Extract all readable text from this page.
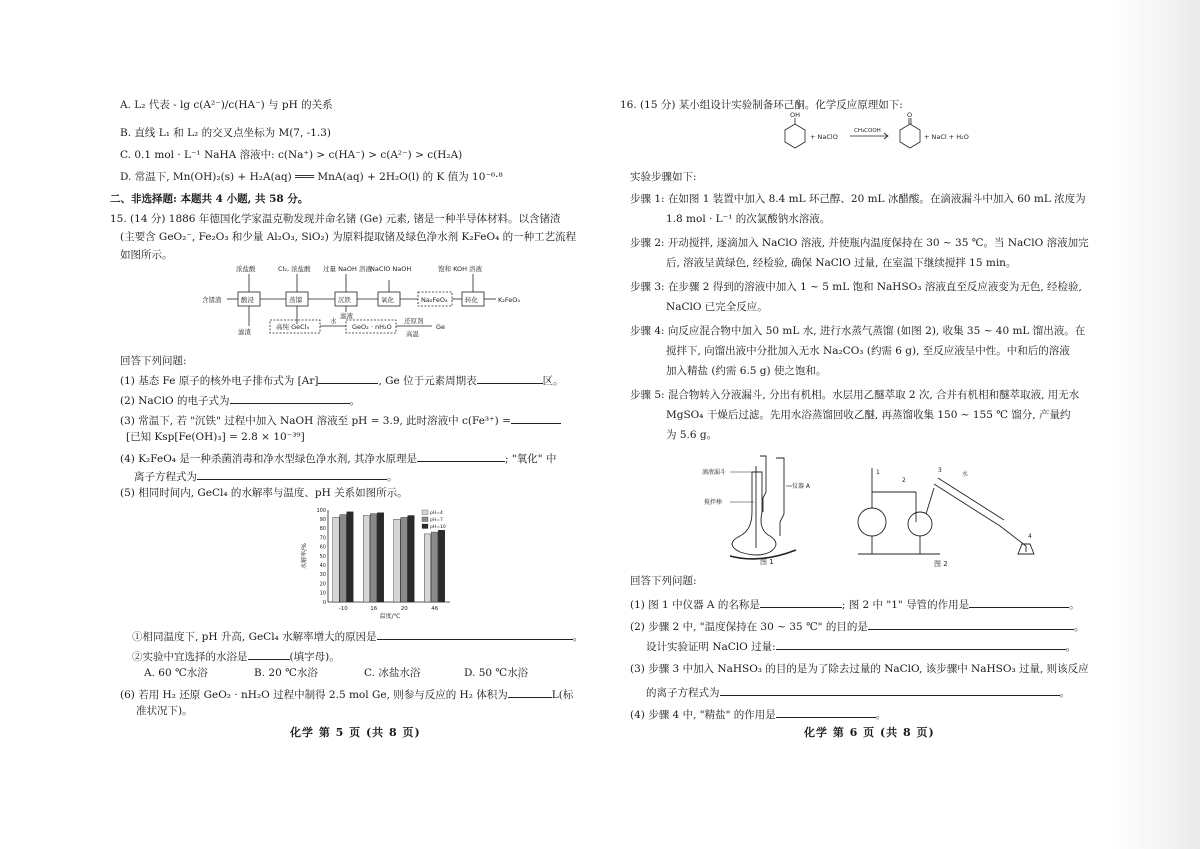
A. L₂ 代表 - lg c(A²⁻)/c(HA⁻) 与 pH 的关系
B. 直线 L₁ 和 L₂ 的交叉点坐标为 M(7, -1.3)
C. 0.1 mol · L⁻¹ NaHA 溶液中: c(Na⁺) > c(HA⁻) > c(A²⁻) > c(H₂A)
D. 常温下, Mn(OH)₂(s) + H₂A(aq) ═══ MnA(aq) + 2H₂O(l) 的 K 值为 10⁻⁶·⁸
二、非选择题: 本题共 4 小题, 共 58 分。
15. (14 分) 1886 年德国化学家温克勒发现并命名锗 (Ge) 元素, 锗是一种半导体材料。以含锗渣
(主要含 GeO₂⁻, Fe₂O₃ 和少量 Al₂O₃, SiO₂) 为原料提取锗及绿色净水剂 K₂FeO₄ 的一种工艺流程
如图所示。
浓盐酸	Cl₂, 浓盐酸 过量 NaOH 溶液
NaClO NaOH	饱和 KOH 溶液
含锗渣
滤渣
滤液
K₂FeO₄
高纯 GeCl₄
水
GeO₂ · nH₂O
还原剂
高温
Ge
酸浸	蒸馏	沉铁	氧化	Na₂FeO₄	转化
回答下列问题:
(1) 基态 Fe 原子的核外电子排布式为 [Ar]	, Ge 位于元素周期表	区。
(2) NaClO 的电子式为	。
(3) 常温下, 若 "沉铁" 过程中加入 NaOH 溶液至 pH = 3.9, 此时溶液中 c(Fe³⁺) =
[已知 Ksp[Fe(OH)₃] = 2.8 × 10⁻³⁹]
(4) K₂FeO₄ 是一种杀菌消毒和净水型绿色净水剂, 其净水原理是	; "氧化" 中
离子方程式为	。
(5) 相同时间内, GeCl₄ 的水解率与温度、pH 关系如图所示。
0
10
20
30
40
50
60
70
80
90
100
-10	16	20	46
pH=4
pH=7
pH=10
温度/℃
水解率/%
①相同温度下, pH 升高, GeCl₄ 水解率增大的原因是	。
②实验中宜选择的水浴是	(填字母)。
A. 60 ℃水浴	B. 20 ℃水浴	C. 冰盐水浴	D. 50 ℃水浴
(6) 若用 H₂ 还原 GeO₂ · nH₂O 过程中制得 2.5 mol Ge, 则参与反应的 H₂ 体积为	L(标
准状况下)。
化学 第 5 页 (共 8 页)
16. (15 分) 某小组设计实验制备环己酮。化学反应原理如下:
OH
+ NaClO
CH₃COOH
O
+ NaCl + H₂O
实验步骤如下:
步骤 1: 在如图 1 装置中加入 8.4 mL 环己醇、20 mL 冰醋酸。在滴液漏斗中加入 60 mL 浓度为
1.8 mol · L⁻¹ 的次氯酸钠水溶液。
步骤 2: 开动搅拌, 逐滴加入 NaClO 溶液, 并使瓶内温度保持在 30 ~ 35 ℃。当 NaClO 溶液加完
后, 溶液呈黄绿色, 经检验, 确保 NaClO 过量, 在室温下继续搅拌 15 min。
步骤 3: 在步骤 2 得到的溶液中加入 1 ~ 5 mL 饱和 NaHSO₃ 溶液直至反应液变为无色, 经检验,
NaClO 已完全反应。
步骤 4: 向反应混合物中加入 50 mL 水, 进行水蒸气蒸馏 (如图 2), 收集 35 ~ 40 mL 馏出液。在
搅拌下, 向馏出液中分批加入无水 Na₂CO₃ (约需 6 g), 至反应液呈中性。中和后的溶液
加入精盐 (约需 6.5 g) 使之饱和。
步骤 5: 混合物转入分液漏斗, 分出有机相。水层用乙醚萃取 2 次, 合并有机相和醚萃取液, 用无水
MgSO₄ 干燥后过滤。先用水浴蒸馏回收乙醚, 再蒸馏收集 150 ~ 155 ℃ 馏分, 产量约
为 5.6 g。
滴液漏斗
搅拌棒
仪器 A
图 1
1
2
3
4
水
图 2
回答下列问题:
(1) 图 1 中仪器 A 的名称是	; 图 2 中 "1" 导管的作用是	。
(2) 步骤 2 中, "温度保持在 30 ~ 35 ℃" 的目的是	。
设计实验证明 NaClO 过量:	。
(3) 步骤 3 中加入 NaHSO₃ 的目的是为了除去过量的 NaClO, 该步骤中 NaHSO₃ 过量, 则该反应
的离子方程式为	。
(4) 步骤 4 中, "精盐" 的作用是	。
化学 第 6 页 (共 8 页)
